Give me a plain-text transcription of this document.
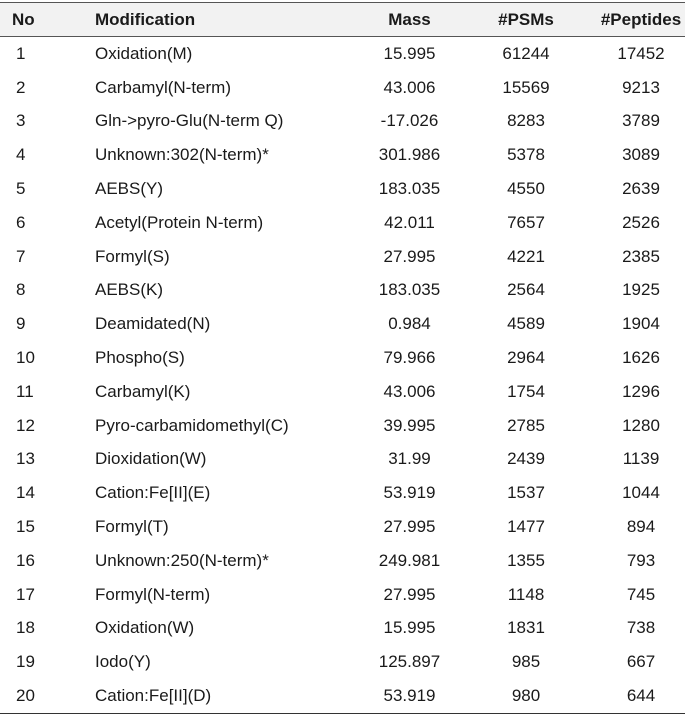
No	Modification	Mass	#PSMs	#Peptides
1	Oxidation(M)	15.995	61244	17452
2	Carbamyl(N-term)	43.006	15569	9213
3	Gln->pyro-Glu(N-term Q)	-17.026	8283	3789
4	Unknown:302(N-term)*	301.986	5378	3089
5	AEBS(Y)	183.035	4550	2639
6	Acetyl(Protein N-term)	42.011	7657	2526
7	Formyl(S)	27.995	4221	2385
8	AEBS(K)	183.035	2564	1925
9	Deamidated(N)	0.984	4589	1904
10	Phospho(S)	79.966	2964	1626
11	Carbamyl(K)	43.006	1754	1296
12	Pyro-carbamidomethyl(C)	39.995	2785	1280
13	Dioxidation(W)	31.99	2439	1139
14	Cation:Fe[II](E)	53.919	1537	1044
15	Formyl(T)	27.995	1477	894
16	Unknown:250(N-term)*	249.981	1355	793
17	Formyl(N-term)	27.995	1148	745
18	Oxidation(W)	15.995	1831	738
19	Iodo(Y)	125.897	985	667
20	Cation:Fe[II](D)	53.919	980	644
